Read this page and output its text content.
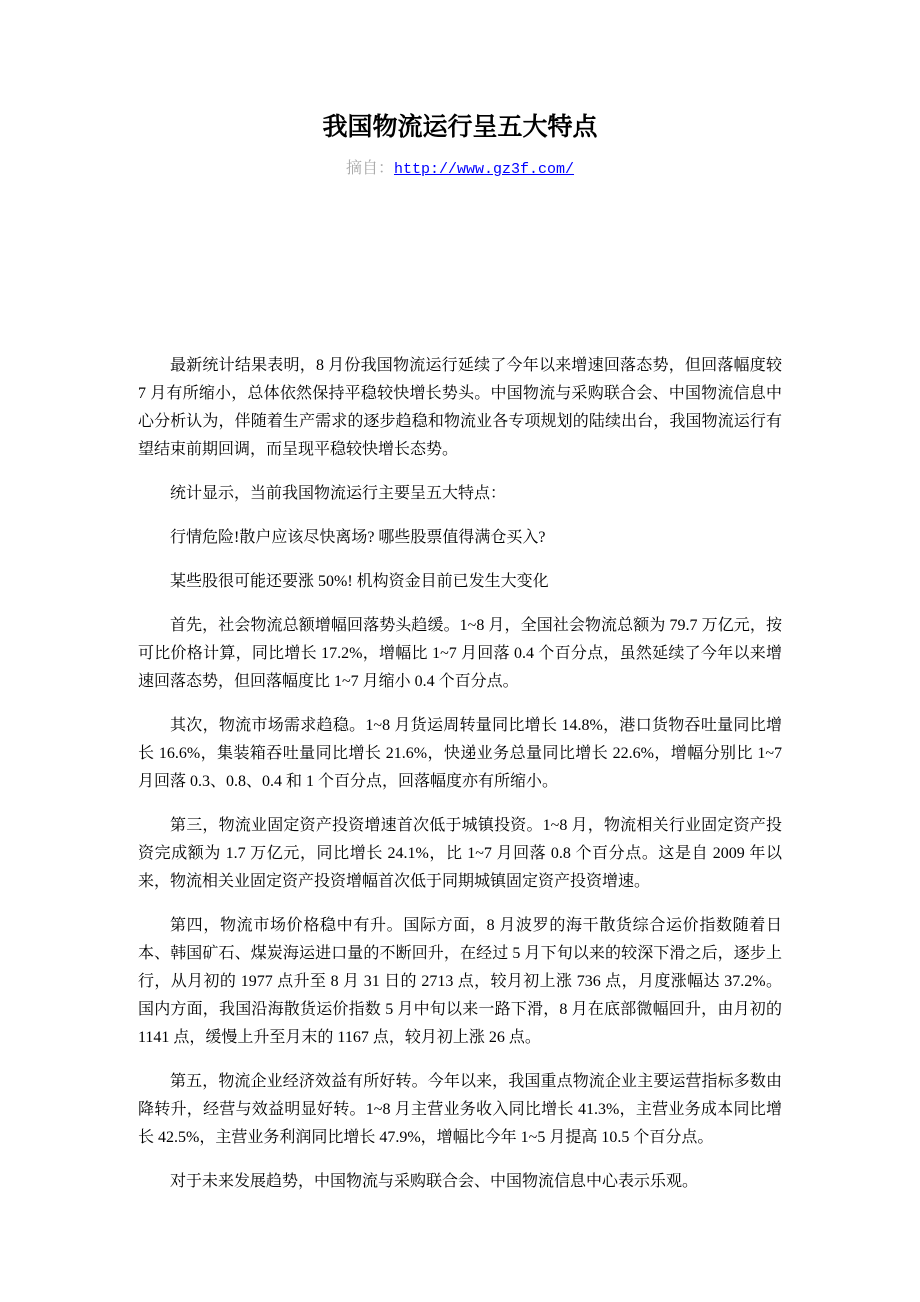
我国物流运行呈五大特点

摘自：http://www.gz3f.com/

最新统计结果表明，8 月份我国物流运行延续了今年以来增速回落态势，但回落幅度较 7 月有所缩小，总体依然保持平稳较快增长势头。中国物流与采购联合会、中国物流信息中心分析认为，伴随着生产需求的逐步趋稳和物流业各专项规划的陆续出台，我国物流运行有望结束前期回调，而呈现平稳较快增长态势。

统计显示，当前我国物流运行主要呈五大特点：

行情危险!散户应该尽快离场? 哪些股票值得满仓买入?

某些股很可能还要涨 50%! 机构资金目前已发生大变化

首先，社会物流总额增幅回落势头趋缓。1~8 月，全国社会物流总额为 79.7 万亿元，按可比价格计算，同比增长 17.2%，增幅比 1~7 月回落 0.4 个百分点，虽然延续了今年以来增速回落态势，但回落幅度比 1~7 月缩小 0.4 个百分点。

其次，物流市场需求趋稳。1~8 月货运周转量同比增长 14.8%，港口货物吞吐量同比增长 16.6%，集装箱吞吐量同比增长 21.6%，快递业务总量同比增长 22.6%，增幅分别比 1~7 月回落 0.3、0.8、0.4 和 1 个百分点，回落幅度亦有所缩小。

第三，物流业固定资产投资增速首次低于城镇投资。1~8 月，物流相关行业固定资产投资完成额为 1.7 万亿元，同比增长 24.1%，比 1~7 月回落 0.8 个百分点。这是自 2009 年以来，物流相关业固定资产投资增幅首次低于同期城镇固定资产投资增速。

第四，物流市场价格稳中有升。国际方面，8 月波罗的海干散货综合运价指数随着日本、韩国矿石、煤炭海运进口量的不断回升，在经过 5 月下旬以来的较深下滑之后，逐步上行，从月初的 1977 点升至 8 月 31 日的 2713 点，较月初上涨 736 点，月度涨幅达 37.2%。国内方面，我国沿海散货运价指数 5 月中旬以来一路下滑，8 月在底部微幅回升，由月初的 1141 点，缓慢上升至月末的 1167 点，较月初上涨 26 点。

第五，物流企业经济效益有所好转。今年以来，我国重点物流企业主要运营指标多数由降转升，经营与效益明显好转。1~8 月主营业务收入同比增长 41.3%，主营业务成本同比增长 42.5%，主营业务利润同比增长 47.9%，增幅比今年 1~5 月提高 10.5 个百分点。

对于未来发展趋势，中国物流与采购联合会、中国物流信息中心表示乐观。
